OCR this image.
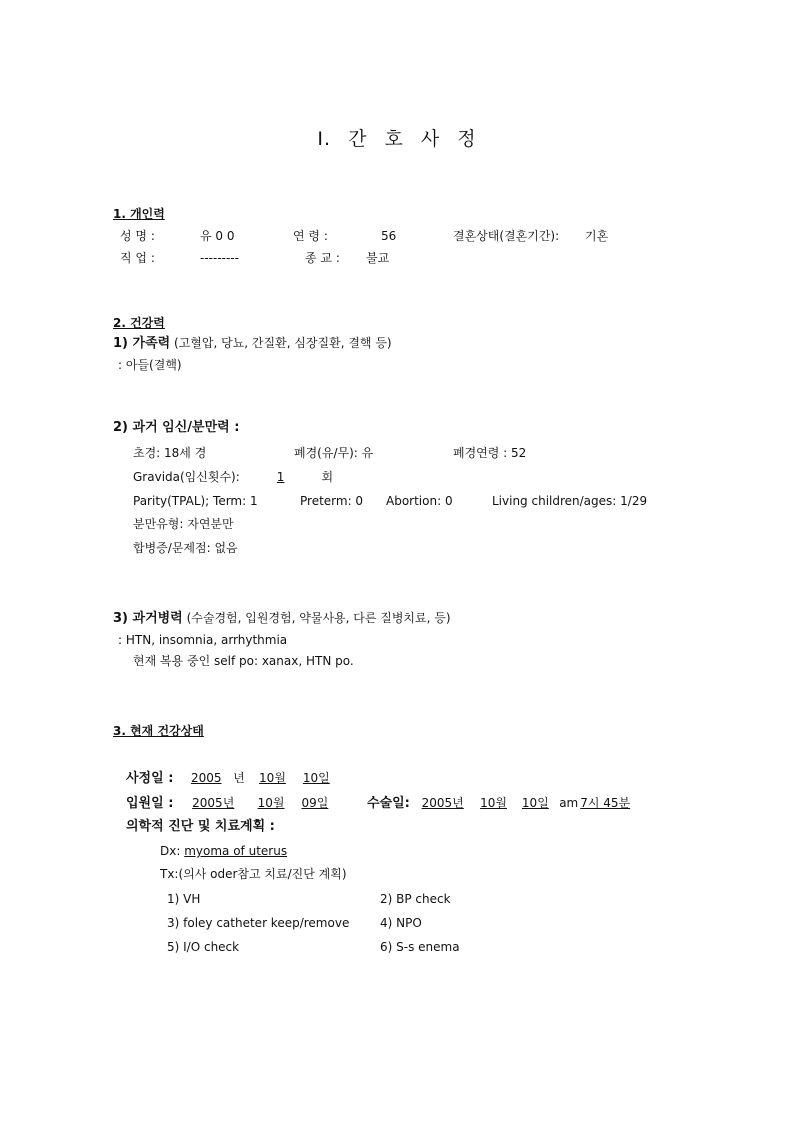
Ⅰ. 간 호 사 정
1. 개인력
성 명 :	유 0 0	연 령 :	56	결혼상태(결혼기간): 기혼
직 업 :	---------	종 교 : 불교
2. 건강력
1) 가족력 (고혈압, 당뇨, 간질환, 심장질환, 결핵 등)
: 아들(결핵)
2) 과거 임신/분만력 :
초경: 18세 경	폐경(유/무): 유	폐경연령 : 52
Gravida(임신횟수):	1	회
Parity(TPAL); Term: 1	Preterm: 0 Abortion: 0	Living children/ages: 1/29
분만유형: 자연분만
합병증/문제점: 없음
3) 과거병력 (수술경험, 입원경험, 약물사용, 다른 질병치료, 등)
: HTN, insomnia, arrhythmia
현재 복용 중인 self po: xanax, HTN po.
3. 현재 건강상태
사정일 : 2005 년 10월 10일
입원일 : 2005년 10월 09일	수술일: 2005년 10월 10일 am 7시 45분
의학적 진단 및 치료계획 :
Dx: myoma of uterus
Tx:(의사 oder참고 치료/진단 계획)
1) VH	2) BP check
3) foley catheter keep/remove	4) NPO
5) I/O check	6) S-s enema
